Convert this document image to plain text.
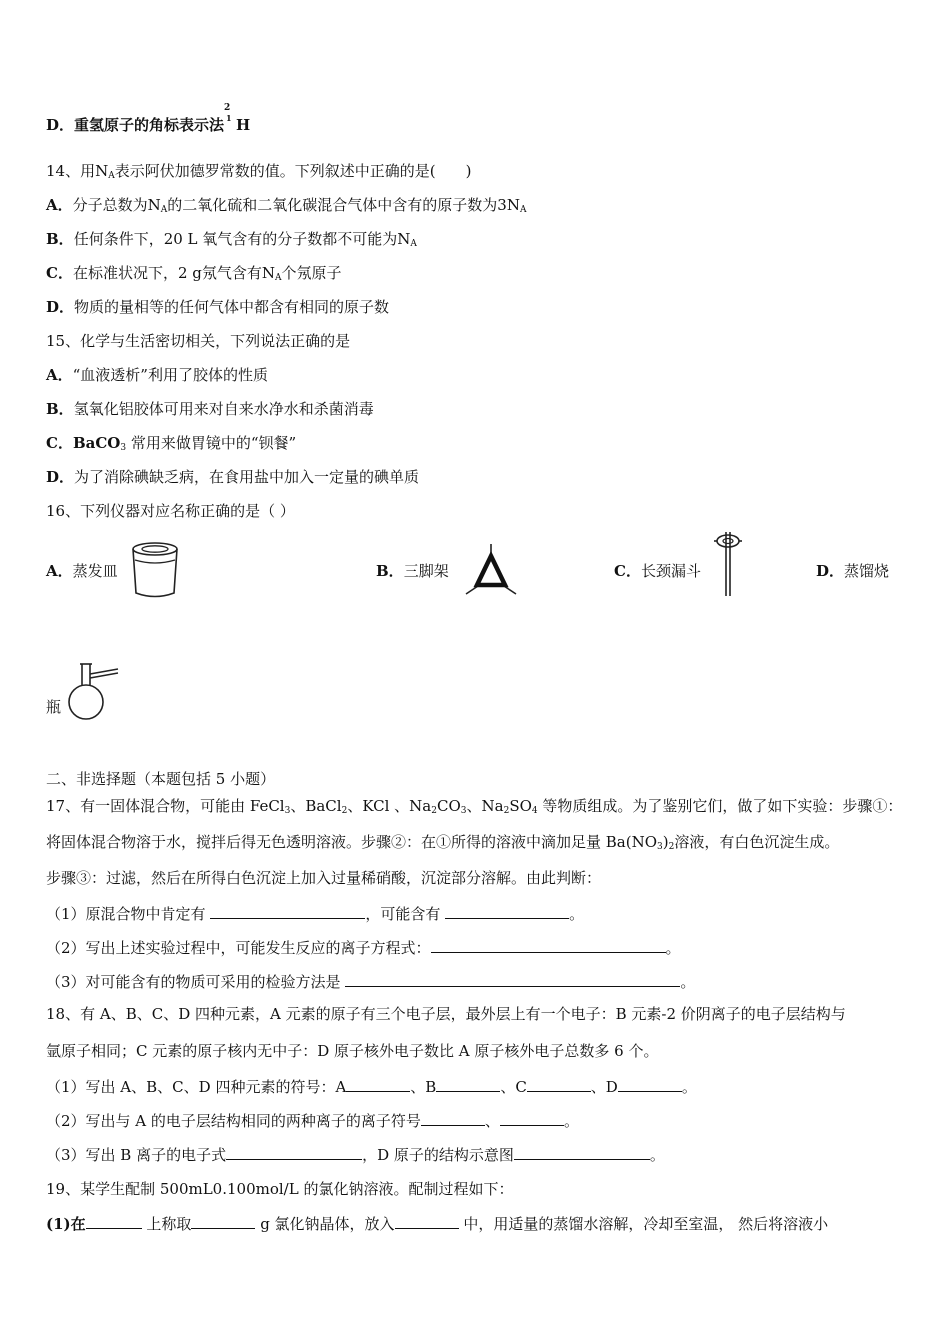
D．重氢原子的角标表示法
2
1 H
14、用$N_A$表示阿伏加德罗常数的值。下列叙述中正确的是(　　)
A．分子总数为$N_A$的二氧化硫和二氧化碳混合气体中含有的原子数为$3N_A$
B．任何条件下，20 L 氧气含有的分子数都不可能为$N_A$
C．在标准状况下，2 g氖气含有$N_A$个氖原子
D．物质的量相等的任何气体中都含有相同的原子数
15、化学与生活密切相关，下列说法正确的是
A．“血液透析”利用了胶体的性质
B．氢氧化铝胶体可用来对自来水净水和杀菌消毒
C．BaCO$_3$ 常用来做胃镜中的“钡餐”
D．为了消除碘缺乏病，在食用盐中加入一定量的碘单质
16、下列仪器对应名称正确的是（ ）
A．蒸发皿	B．三脚架	C．长颈漏斗	D．蒸馏烧
瓶
二、非选择题（本题包括 5 小题）
17、有一固体混合物，可能由 FeCl$_3$、BaCl$_2$、KCl 、$Na_2CO_3$、$Na_2SO_4$ 等物质组成。为了鉴别它们，做了如下实验：步骤①：
将固体混合物溶于水，搅拌后得无色透明溶液。步骤②：在①所得的溶液中滴加足量 $Ba(NO_3)_2$溶液，有白色沉淀生成。
步骤③：过滤，然后在所得白色沉淀上加入过量稀硝酸，沉淀部分溶解。由此判断：
（1）原混合物中肯定有	，可能含有	。
（2）写出上述实验过程中，可能发生反应的离子方程式：	。
（3）对可能含有的物质可采用的检验方法是	。
18、有 A、B、C、D 四种元素，A 元素的原子有三个电子层，最外层上有一个电子：B 元素-2 价阴离子的电子层结构与
氩原子相同；C 元素的原子核内无中子：D 原子核外电子数比 A 原子核外电子总数多 6 个。
（1）写出 A、B、C、D 四种元素的符号：A	、B	、C	、D	。
（2）写出与 A 的电子层结构相同的两种离子的离子符号	、	。
（3）写出 B 离子的电子式	，D 原子的结构示意图	。
19、某学生配制 500mL0.100mol/L 的氯化钠溶液。配制过程如下：
(1)在	上称取	g 氯化钠晶体，放入	中，用适量的蒸馏水溶解，冷却至室温， 然后将溶液小
